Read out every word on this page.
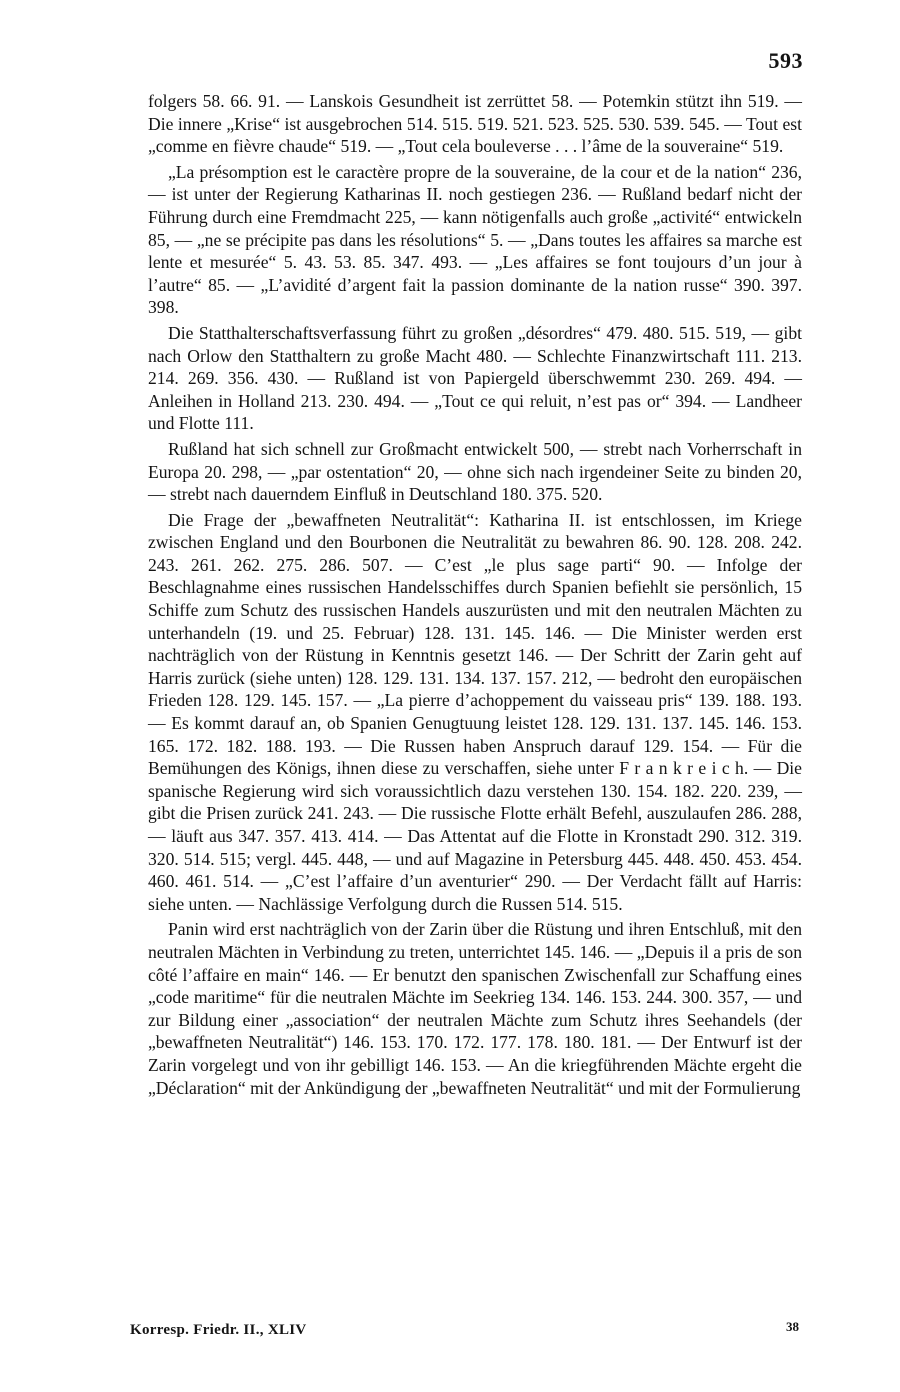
593

folgers 58. 66. 91. — Lanskois Gesundheit ist zerrüttet 58. — Potemkin stützt ihn 519. — Die innere „Krise“ ist ausgebrochen 514. 515. 519. 521. 523. 525. 530. 539. 545. — Tout est „comme en fièvre chaude“ 519. — „Tout cela bouleverse . . . l’âme de la souveraine“ 519.

„La présomption est le caractère propre de la souveraine, de la cour et de la nation“ 236, — ist unter der Regierung Katharinas II. noch gestiegen 236. — Rußland bedarf nicht der Führung durch eine Fremdmacht 225, — kann nötigenfalls auch große „activité“ entwickeln 85, — „ne se précipite pas dans les résolutions“ 5. — „Dans toutes les affaires sa marche est lente et mesurée“ 5. 43. 53. 85. 347. 493. — „Les affaires se font toujours d’un jour à l’autre“ 85. — „L’avidité d’argent fait la passion dominante de la nation russe“ 390. 397. 398.

Die Statthalterschaftsverfassung führt zu großen „désordres“ 479. 480. 515. 519, — gibt nach Orlow den Statthaltern zu große Macht 480. — Schlechte Finanzwirtschaft 111. 213. 214. 269. 356. 430. — Rußland ist von Papiergeld überschwemmt 230. 269. 494. — Anleihen in Holland 213. 230. 494. — „Tout ce qui reluit, n’est pas or“ 394. — Landheer und Flotte 111.

Rußland hat sich schnell zur Großmacht entwickelt 500, — strebt nach Vorherrschaft in Europa 20. 298, — „par ostentation“ 20, — ohne sich nach irgendeiner Seite zu binden 20, — strebt nach dauerndem Einfluß in Deutschland 180. 375. 520.

Die Frage der „bewaffneten Neutralität“: Katharina II. ist entschlossen, im Kriege zwischen England und den Bourbonen die Neutralität zu bewahren 86. 90. 128. 208. 242. 243. 261. 262. 275. 286. 507. — C’est „le plus sage parti“ 90. — Infolge der Beschlagnahme eines russischen Handelsschiffes durch Spanien befiehlt sie persönlich, 15 Schiffe zum Schutz des russischen Handels auszurüsten und mit den neutralen Mächten zu unterhandeln (19. und 25. Februar) 128. 131. 145. 146. — Die Minister werden erst nachträglich von der Rüstung in Kenntnis gesetzt 146. — Der Schritt der Zarin geht auf Harris zurück (siehe unten) 128. 129. 131. 134. 137. 157. 212, — bedroht den europäischen Frieden 128. 129. 145. 157. — „La pierre d’achoppement du vaisseau pris“ 139. 188. 193. — Es kommt darauf an, ob Spanien Genugtuung leistet 128. 129. 131. 137. 145. 146. 153. 165. 172. 182. 188. 193. — Die Russen haben Anspruch darauf 129. 154. — Für die Bemühungen des Königs, ihnen diese zu verschaffen, siehe unter F r a n k r e i c h. — Die spanische Regierung wird sich voraussichtlich dazu verstehen 130. 154. 182. 220. 239, — gibt die Prisen zurück 241. 243. — Die russische Flotte erhält Befehl, auszulaufen 286. 288, — läuft aus 347. 357. 413. 414. — Das Attentat auf die Flotte in Kronstadt 290. 312. 319. 320. 514. 515; vergl. 445. 448, — und auf Magazine in Petersburg 445. 448. 450. 453. 454. 460. 461. 514. — „C’est l’affaire d’un aventurier“ 290. — Der Verdacht fällt auf Harris: siehe unten. — Nachlässige Verfolgung durch die Russen 514. 515.

Panin wird erst nachträglich von der Zarin über die Rüstung und ihren Entschluß, mit den neutralen Mächten in Verbindung zu treten, unterrichtet 145. 146. — „Depuis il a pris de son côté l’affaire en main“ 146. — Er benutzt den spanischen Zwischenfall zur Schaffung eines „code maritime“ für die neutralen Mächte im Seekrieg 134. 146. 153. 244. 300. 357, — und zur Bildung einer „association“ der neutralen Mächte zum Schutz ihres Seehandels (der „bewaffneten Neutralität“) 146. 153. 170. 172. 177. 178. 180. 181. — Der Entwurf ist der Zarin vorgelegt und von ihr gebilligt 146. 153. — An die kriegführenden Mächte ergeht die „Déclaration“ mit der Ankündigung der „bewaffneten Neutralität“ und mit der Formulierung

Korresp. Friedr. II., XLIV	38
